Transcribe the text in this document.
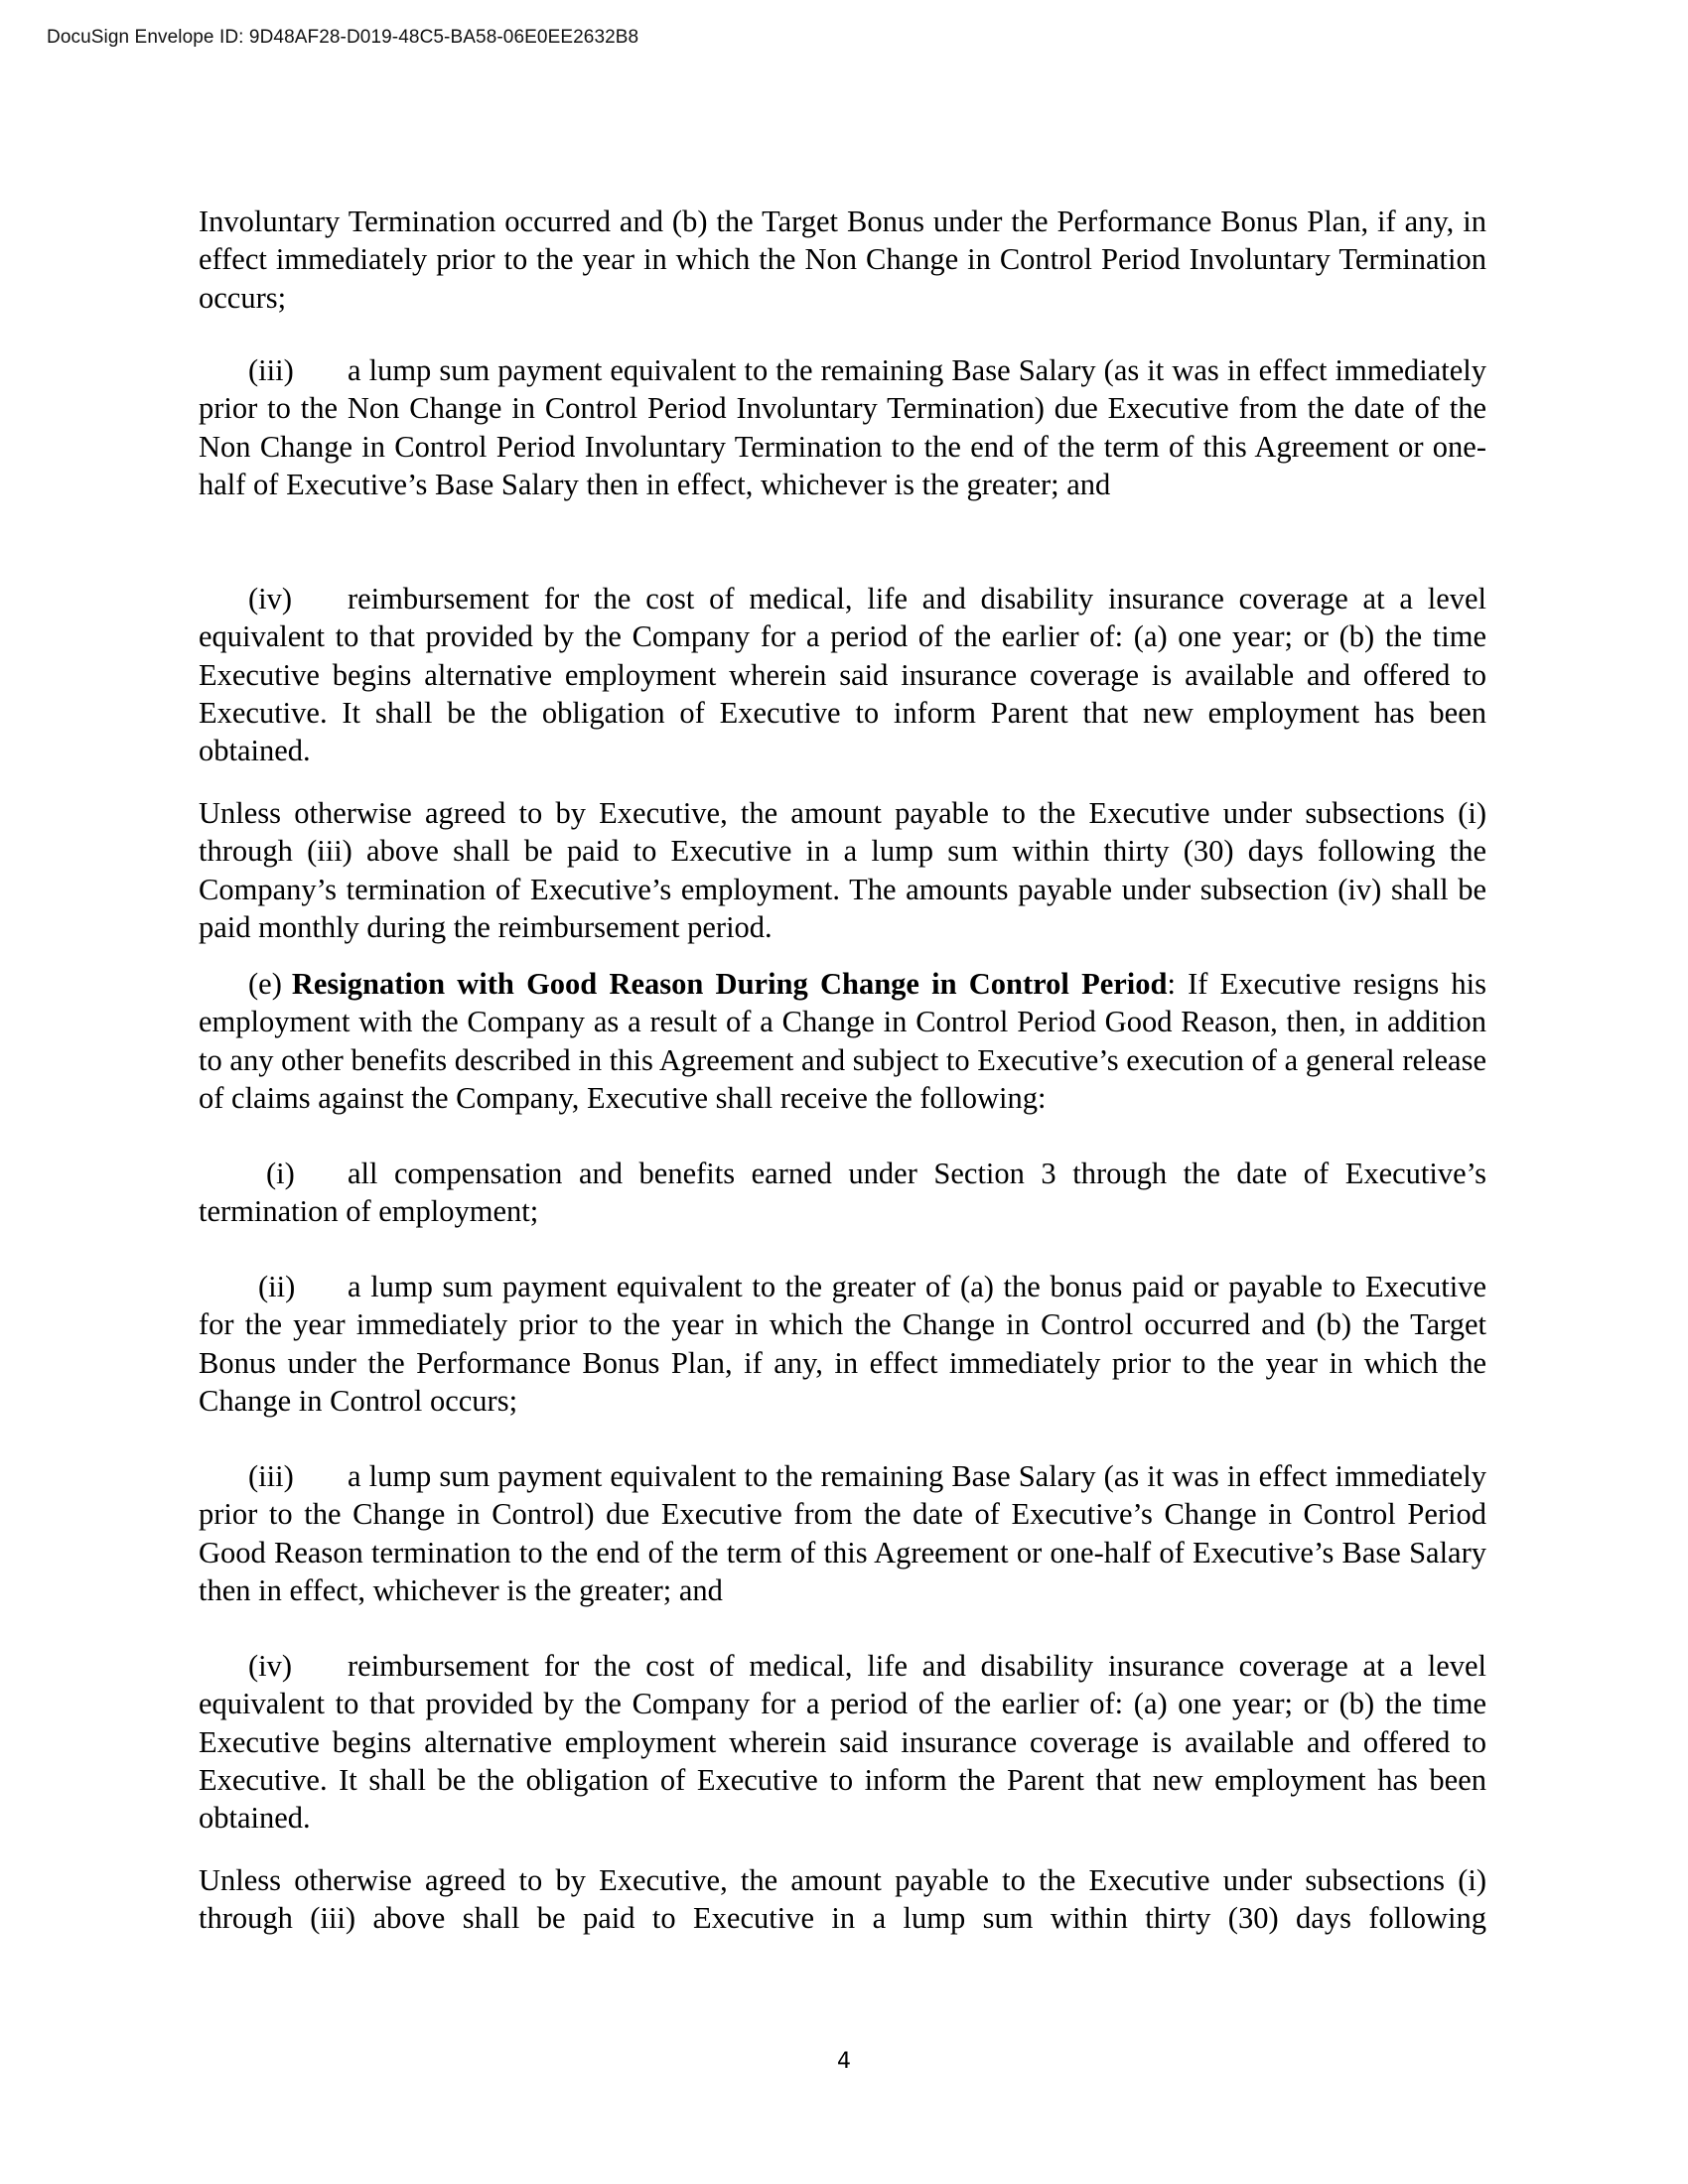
DocuSign Envelope ID: 9D48AF28-D019-48C5-BA58-06E0EE2632B8

Involuntary Termination occurred and (b) the Target Bonus under the Performance Bonus Plan, if any, in effect immediately prior to the year in which the Non Change in Control Period Involuntary Termination occurs;

(iii) a lump sum payment equivalent to the remaining Base Salary (as it was in effect immediately prior to the Non Change in Control Period Involuntary Termination) due Executive from the date of the Non Change in Control Period Involuntary Termination to the end of the term of this Agreement or one-half of Executive’s Base Salary then in effect, whichever is the greater; and

(iv) reimbursement for the cost of medical, life and disability insurance coverage at a level equivalent to that provided by the Company for a period of the earlier of: (a) one year; or (b) the time Executive begins alternative employment wherein said insurance coverage is available and offered to Executive. It shall be the obligation of Executive to inform Parent that new employment has been obtained.

Unless otherwise agreed to by Executive, the amount payable to the Executive under subsections (i) through (iii) above shall be paid to Executive in a lump sum within thirty (30) days following the Company’s termination of Executive’s employment. The amounts payable under subsection (iv) shall be paid monthly during the reimbursement period.

(e) Resignation with Good Reason During Change in Control Period: If Executive resigns his employment with the Company as a result of a Change in Control Period Good Reason, then, in addition to any other benefits described in this Agreement and subject to Executive’s execution of a general release of claims against the Company, Executive shall receive the following:

(i) all compensation and benefits earned under Section 3 through the date of Executive’s termination of employment;

(ii) a lump sum payment equivalent to the greater of (a) the bonus paid or payable to Executive for the year immediately prior to the year in which the Change in Control occurred and (b) the Target Bonus under the Performance Bonus Plan, if any, in effect immediately prior to the year in which the Change in Control occurs;

(iii) a lump sum payment equivalent to the remaining Base Salary (as it was in effect immediately prior to the Change in Control) due Executive from the date of Executive’s Change in Control Period Good Reason termination to the end of the term of this Agreement or one-half of Executive’s Base Salary then in effect, whichever is the greater; and

(iv) reimbursement for the cost of medical, life and disability insurance coverage at a level equivalent to that provided by the Company for a period of the earlier of: (a) one year; or (b) the time Executive begins alternative employment wherein said insurance coverage is available and offered to Executive. It shall be the obligation of Executive to inform the Parent that new employment has been obtained.

Unless otherwise agreed to by Executive, the amount payable to the Executive under subsections (i) through (iii) above shall be paid to Executive in a lump sum within thirty (30) days following

4
